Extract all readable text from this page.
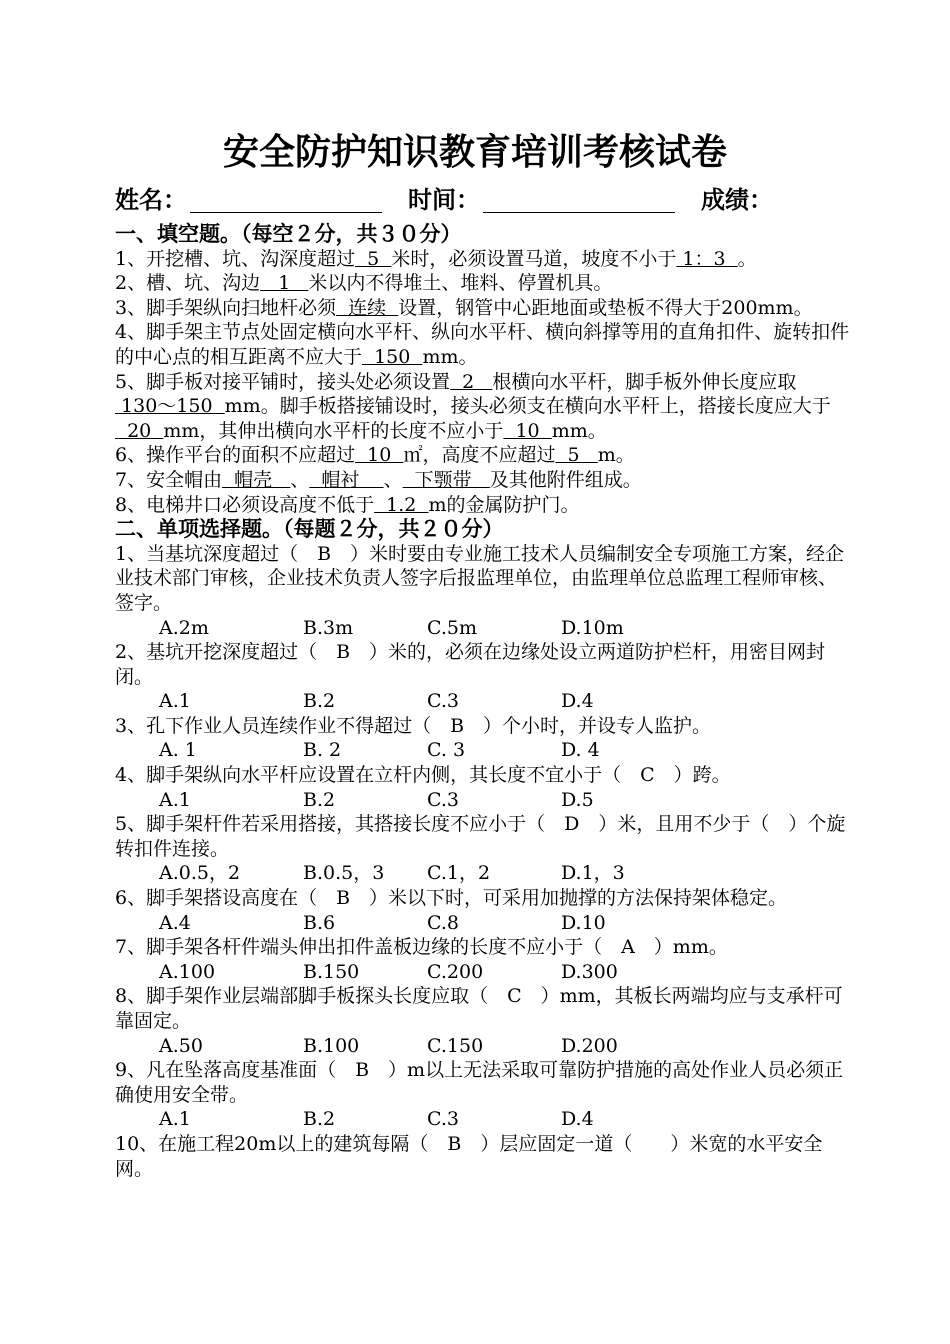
安全防护知识教育培训考核试卷
姓名：	时间：	成绩：
一、填空题。（每空２分，共３０分）

1、开挖槽、坑、沟深度超过  5  米时，必须设置马道，坡度不小于 1：3  。

2、槽、坑、沟边   1   米以内不得堆土、堆料、停置机具。

3、脚手架纵向扫地杆必须  连续  设置，钢管中心距地面或垫板不得大于200mm。

4、脚手架主节点处固定横向水平杆、纵向水平杆、横向斜撑等用的直角扣件、旋转扣件的中心点的相互距离不应大于  150  mm。

5、脚手板对接平铺时，接头处必须设置  2   根横向水平杆，脚手板外伸长度应取 130～150  mm。脚手板搭接铺设时，接头必须支在横向水平杆上，搭接长度应大于  20  mm，其伸出横向水平杆的长度不应小于  10  mm。

6、操作平台的面积不应超过  10  ㎡，高度不应超过  5   m。

7、安全帽由  帽壳   、  帽衬    、  下颚带   及其他附件组成。

8、电梯井口必须设高度不低于  1.2  m的金属防护门。

二、单项选择题。（每题２分，共２０分）

1、当基坑深度超过（　B　）米时要由专业施工技术人员编制安全专项施工方案，经企业技术部门审核，企业技术负责人签字后报监理单位，由监理单位总监理工程师审核、签字。

A.2m	B.3m	C.5m	D.10m

2、基坑开挖深度超过（　B　）米的，必须在边缘处设立两道防护栏杆，用密目网封闭。

A.1	B.2	C.3	D.4

3、孔下作业人员连续作业不得超过（　B　）个小时，并设专人监护。

A. 1	B. 2	C. 3	D. 4

4、脚手架纵向水平杆应设置在立杆内侧，其长度不宜小于（　C　）跨。

A.1	B.2	C.3	D.5

5、脚手架杆件若采用搭接，其搭接长度不应小于（　D　）米，且用不少于（　）个旋转扣件连接。

A.0.5，2	B.0.5，3	C.1，2	D.1，3

6、脚手架搭设高度在（　B　）米以下时，可采用加抛撑的方法保持架体稳定。

A.4	B.6	C.8	D.10

7、脚手架各杆件端头伸出扣件盖板边缘的长度不应小于（　A　）mm。

A.100	B.150	C.200	D.300

8、脚手架作业层端部脚手板探头长度应取（　C　）mm，其板长两端均应与支承杆可靠固定。

A.50	B.100	C.150	D.200

9、凡在坠落高度基准面（　B　）m以上无法采取可靠防护措施的高处作业人员必须正确使用安全带。

A.1	B.2	C.3	D.4

10、在施工程20m以上的建筑每隔（　B　）层应固定一道（　　）米宽的水平安全网。
